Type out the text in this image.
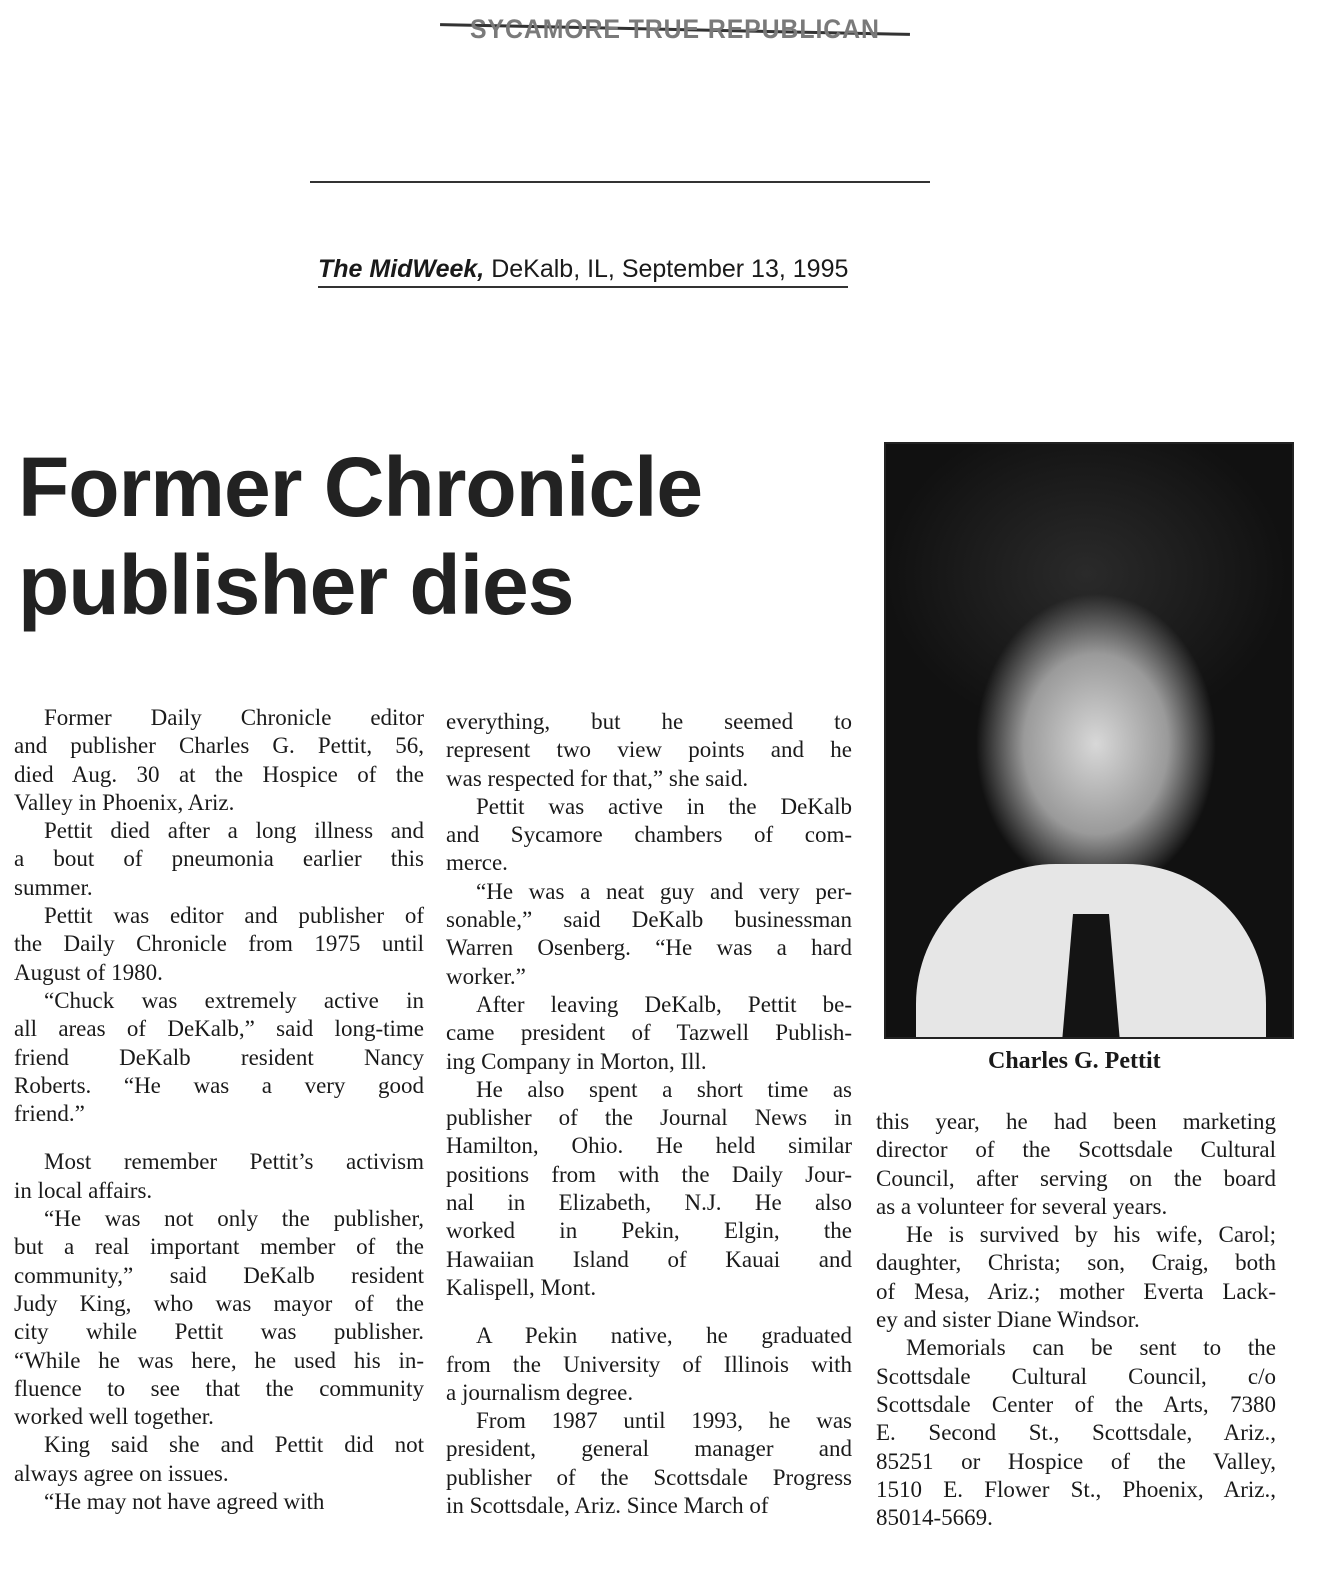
SYCAMORE TRUE REPUBLICAN
The MidWeek, DeKalb, IL, September 13, 1995
Former Chronicle
publisher dies
Former Daily Chronicle editor
and publisher Charles G. Pettit, 56,
died Aug. 30 at the Hospice of the
Valley in Phoenix, Ariz.
Pettit died after a long illness and
a bout of pneumonia earlier this
summer.
Pettit was editor and publisher of
the Daily Chronicle from 1975 until
August of 1980.
“Chuck was extremely active in
all areas of DeKalb,” said long-time
friend DeKalb resident Nancy
Roberts. “He was a very good
friend.”
Most remember Pettit’s activism
in local affairs.
“He was not only the publisher,
but a real important member of the
community,” said DeKalb resident
Judy King, who was mayor of the
city while Pettit was publisher.
“While he was here, he used his in-
fluence to see that the community
worked well together.
King said she and Pettit did not
always agree on issues.
“He may not have agreed with
everything, but he seemed to
represent two view points and he
was respected for that,” she said.
Pettit was active in the DeKalb
and Sycamore chambers of com-
merce.
“He was a neat guy and very per-
sonable,” said DeKalb businessman
Warren Osenberg. “He was a hard
worker.”
After leaving DeKalb, Pettit be-
came president of Tazwell Publish-
ing Company in Morton, Ill.
He also spent a short time as
publisher of the Journal News in
Hamilton, Ohio. He held similar
positions from with the Daily Jour-
nal in Elizabeth, N.J. He also
worked in Pekin, Elgin, the
Hawaiian Island of Kauai and
Kalispell, Mont.
A Pekin native, he graduated
from the University of Illinois with
a journalism degree.
From 1987 until 1993, he was
president, general manager and
publisher of the Scottsdale Progress
in Scottsdale, Ariz. Since March of
this year, he had been marketing
director of the Scottsdale Cultural
Council, after serving on the board
as a volunteer for several years.
He is survived by his wife, Carol;
daughter, Christa; son, Craig, both
of Mesa, Ariz.; mother Everta Lack-
ey and sister Diane Windsor.
Memorials can be sent to the
Scottsdale Cultural Council, c/o
Scottsdale Center of the Arts, 7380
E. Second St., Scottsdale, Ariz.,
85251 or Hospice of the Valley,
1510 E. Flower St., Phoenix, Ariz.,
85014-5669.
Charles G. Pettit
